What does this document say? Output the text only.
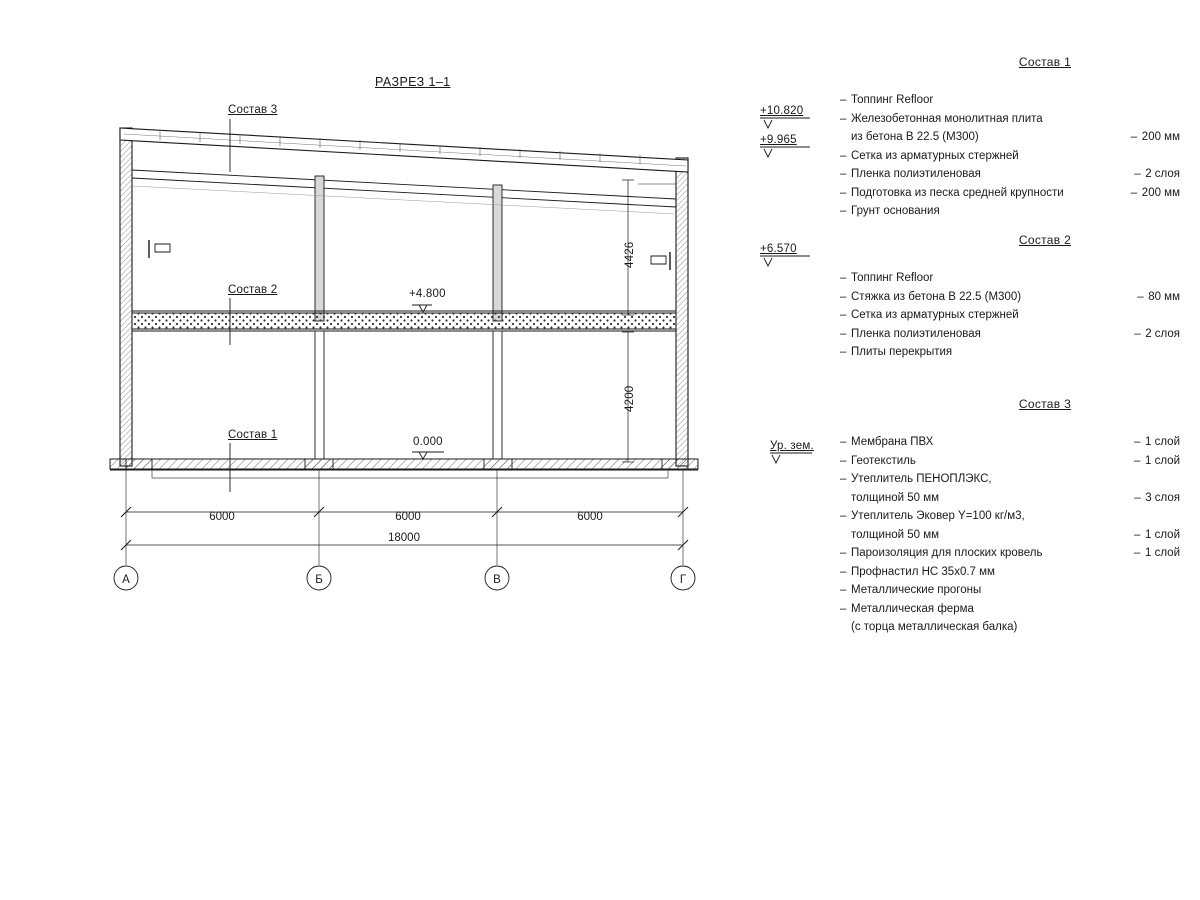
6000	6000	6000
18000
А	Б	В	Г
РАЗРЕЗ 1–1
Состав 3
Состав 2
Состав 1
+4.800
0.000
4426
4200
+10.820
+9.965
+6.570
Ур. зем.
Состав 1
– Топпинг Refloor
– Железобетонная монолитная плита
из бетона B 22.5 (М300)	– 200 мм
– Сетка из арматурных стержней
– Пленка полиэтиленовая	– 2 слоя
– Подготовка из песка средней крупности	– 200 мм
– Грунт основания
Состав 2
– Топпинг Refloor
– Стяжка из бетона B 22.5 (М300)	– 80 мм
– Сетка из арматурных стержней
– Пленка полиэтиленовая	– 2 слоя
– Плиты перекрытия
Состав 3
– Мембрана ПВХ	– 1 слой
– Геотекстиль	– 1 слой
– Утеплитель ПЕНОПЛЭКС,
толщиной 50 мм	– 3 слоя
– Утеплитель Эковер Y=100 кг/м3,
толщиной 50 мм	– 1 слой
– Пароизоляция для плоских кровель	– 1 слой
– Профнастил НС 35x0.7 мм
– Металлические прогоны
– Металлическая ферма
(с торца металлическая балка)
